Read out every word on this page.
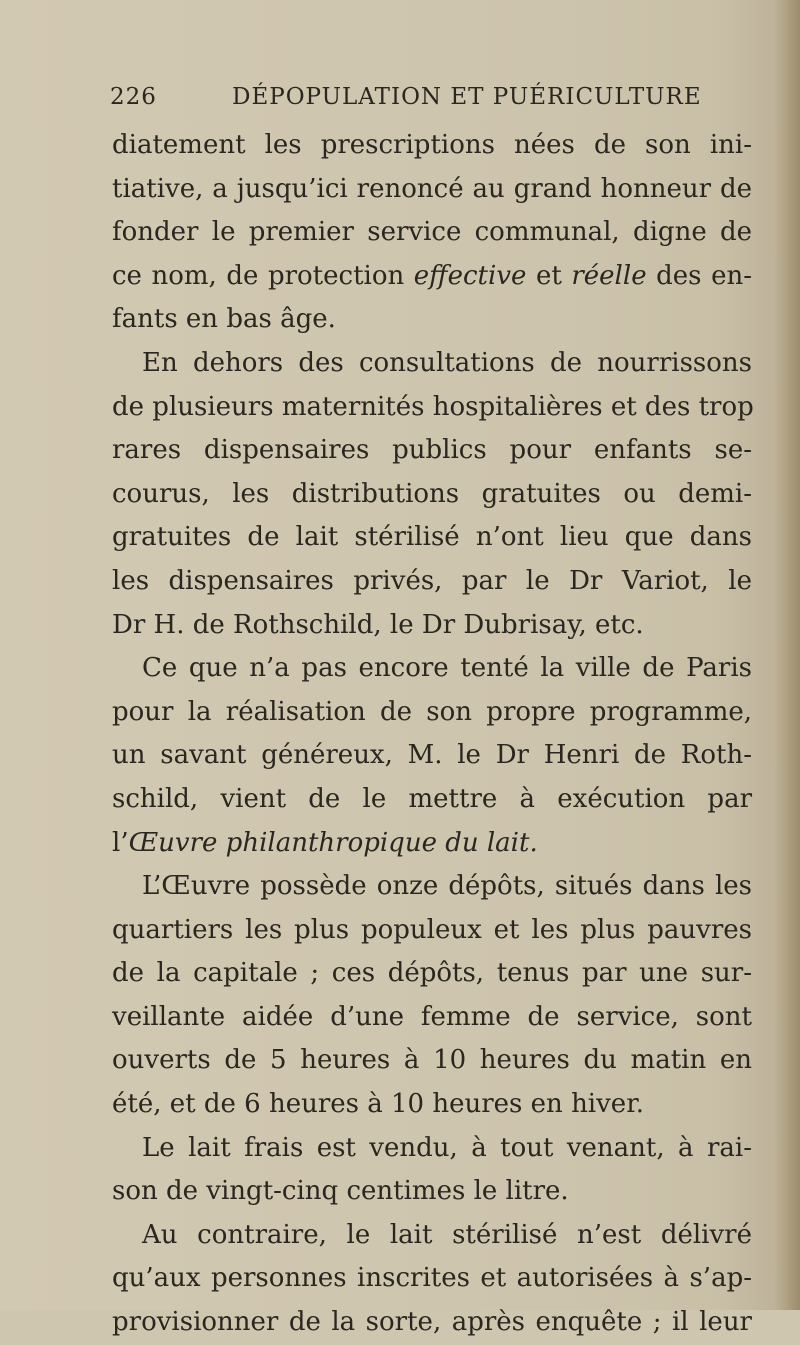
226	DÉPOPULATION ET PUÉRICULTURE
diatement les prescriptions nées de son ini-
tiative, a jusqu’ici renoncé au grand honneur de
fonder le premier service communal, digne de
ce nom, de protection effective et réelle des en-
fants en bas âge.
En dehors des consultations de nourrissons
de plusieurs maternités hospitalières et des trop
rares dispensaires publics pour enfants se-
courus, les distributions gratuites ou demi-
gratuites de lait stérilisé n’ont lieu que dans
les dispensaires privés, par le Dr Variot, le
Dr H. de Rothschild, le Dr Dubrisay, etc.
Ce que n’a pas encore tenté la ville de Paris
pour la réalisation de son propre programme,
un savant généreux, M. le Dr Henri de Roth-
schild, vient de le mettre à exécution par
l’Œuvre philanthropique du lait.
L’Œuvre possède onze dépôts, situés dans les
quartiers les plus populeux et les plus pauvres
de la capitale ; ces dépôts, tenus par une sur-
veillante aidée d’une femme de service, sont
ouverts de 5 heures à 10 heures du matin en
été, et de 6 heures à 10 heures en hiver.
Le lait frais est vendu, à tout venant, à rai-
son de vingt-cinq centimes le litre.
Au contraire, le lait stérilisé n’est délivré
qu’aux personnes inscrites et autorisées à s’ap-
provisionner de la sorte, après enquête ; il leur
